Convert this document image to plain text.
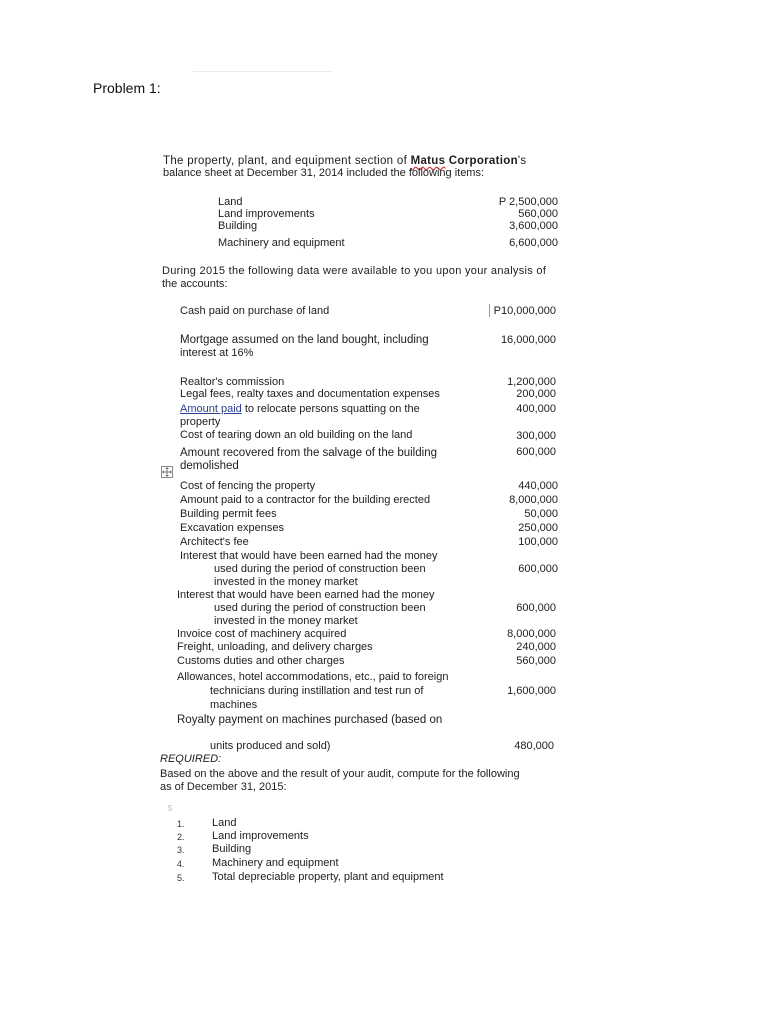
Problem 1:
The property, plant, and equipment section of Matus Corporation's
balance sheet at December 31, 2014 included the following items:
Land	P 2,500,000
Land improvements	560,000
Building	3,600,000
Machinery and equipment	6,600,000
During 2015 the following data were available to you upon your analysis of
the accounts:
Cash paid on purchase of land	P10,000,000
Mortgage assumed on the land bought, including
interest at 16%
16,000,000
Realtor's commission	1,200,000
Legal fees, realty taxes and documentation expenses	200,000
Amount paid to relocate persons squatting on the
property
400,000
Cost of tearing down an old building on the land	300,000
Amount recovered from the salvage of the building
demolished
600,000
Cost of fencing the property	440,000
Amount paid to a contractor for the building erected	8,000,000
Building permit fees	50,000
Excavation expenses	250,000
Architect's fee	100,000
Interest that would have been earned had the money
used during the period of construction been
invested in the money market
600,000
Interest that would have been earned had the money
used during the period of construction been
invested in the money market
600,000
Invoice cost of machinery acquired	8,000,000
Freight, unloading, and delivery charges	240,000
Customs duties and other charges	560,000
Allowances, hotel accommodations, etc., paid to foreign
technicians during instillation and test run of
machines
1,600,000
Royalty payment on machines purchased (based on
units produced and sold)	480,000
REQUIRED:
Based on the above and the result of your audit, compute for the following
as of December 31, 2015:
5
1. Land
2. Land improvements
3. Building
4. Machinery and equipment
5. Total depreciable property, plant and equipment
